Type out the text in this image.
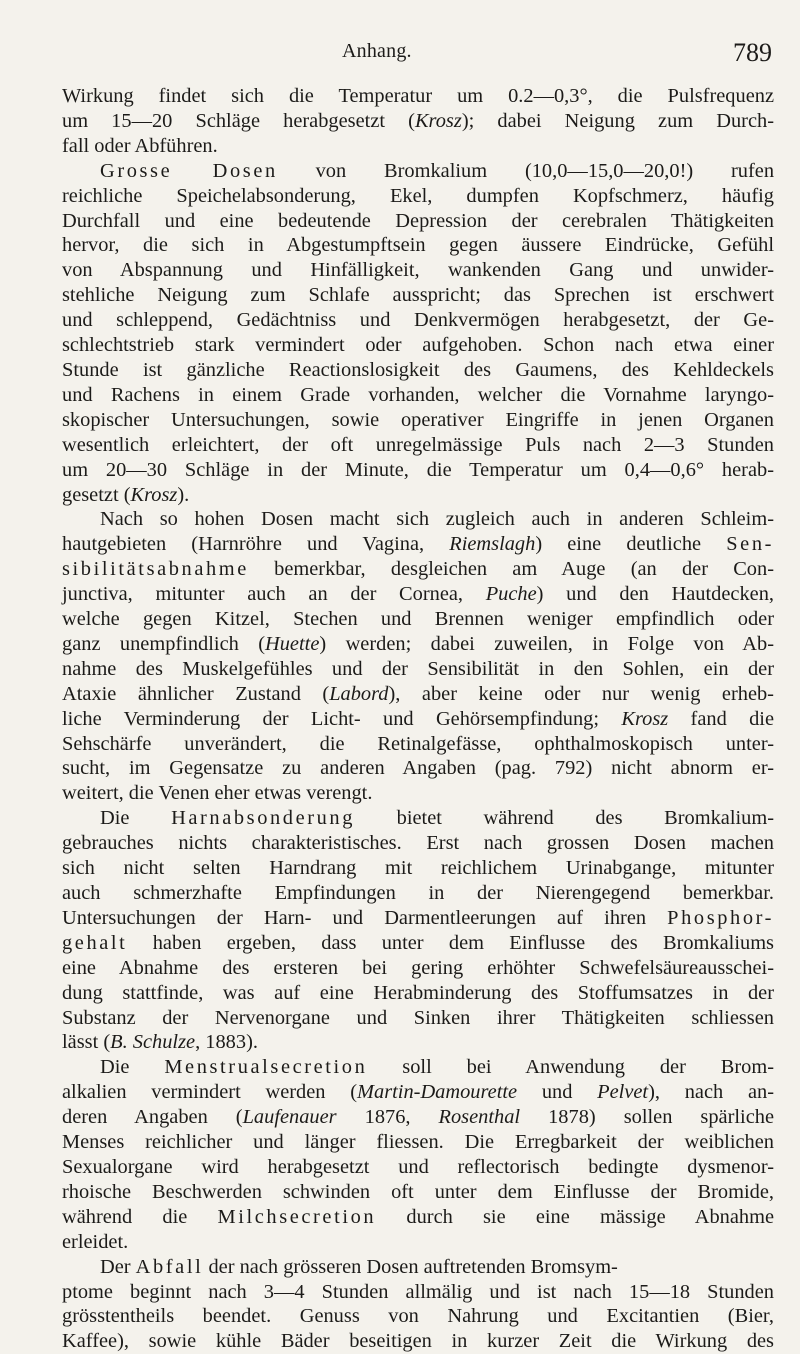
Anhang.	789
Wirkung findet sich die Temperatur um 0.2—0,3°, die Pulsfrequenz
um 15—20 Schläge herabgesetzt (Krosz); dabei Neigung zum Durch-
fall oder Abführen.
Grosse Dosen von Bromkalium (10,0—15,0—20,0!) rufen
reichliche Speichelabsonderung, Ekel, dumpfen Kopfschmerz, häufig
Durchfall und eine bedeutende Depression der cerebralen Thätigkeiten
hervor, die sich in Abgestumpftsein gegen äussere Eindrücke, Gefühl
von Abspannung und Hinfälligkeit, wankenden Gang und unwider-
stehliche Neigung zum Schlafe ausspricht; das Sprechen ist erschwert
und schleppend, Gedächtniss und Denkvermögen herabgesetzt, der Ge-
schlechtstrieb stark vermindert oder aufgehoben. Schon nach etwa einer
Stunde ist gänzliche Reactionslosigkeit des Gaumens, des Kehldeckels
und Rachens in einem Grade vorhanden, welcher die Vornahme laryngo-
skopischer Untersuchungen, sowie operativer Eingriffe in jenen Organen
wesentlich erleichtert, der oft unregelmässige Puls nach 2—3 Stunden
um 20—30 Schläge in der Minute, die Temperatur um 0,4—0,6° herab-
gesetzt (Krosz).
Nach so hohen Dosen macht sich zugleich auch in anderen Schleim-
hautgebieten (Harnröhre und Vagina, Riemslagh) eine deutliche Sen-
sibilitätsabnahme bemerkbar, desgleichen am Auge (an der Con-
junctiva, mitunter auch an der Cornea, Puche) und den Hautdecken,
welche gegen Kitzel, Stechen und Brennen weniger empfindlich oder
ganz unempfindlich (Huette) werden; dabei zuweilen, in Folge von Ab-
nahme des Muskelgefühles und der Sensibilität in den Sohlen, ein der
Ataxie ähnlicher Zustand (Labord), aber keine oder nur wenig erheb-
liche Verminderung der Licht- und Gehörsempfindung; Krosz fand die
Sehschärfe unverändert, die Retinalgefässe, ophthalmoskopisch unter-
sucht, im Gegensatze zu anderen Angaben (pag. 792) nicht abnorm er-
weitert, die Venen eher etwas verengt.
Die Harnabsonderung bietet während des Bromkalium-
gebrauches nichts charakteristisches. Erst nach grossen Dosen machen
sich nicht selten Harndrang mit reichlichem Urinabgange, mitunter
auch schmerzhafte Empfindungen in der Nierengegend bemerkbar.
Untersuchungen der Harn- und Darmentleerungen auf ihren Phosphor-
gehalt haben ergeben, dass unter dem Einflusse des Bromkaliums
eine Abnahme des ersteren bei gering erhöhter Schwefelsäureausschei-
dung stattfinde, was auf eine Herabminderung des Stoffumsatzes in der
Substanz der Nervenorgane und Sinken ihrer Thätigkeiten schliessen
lässt (B. Schulze, 1883).
Die Menstrualsecretion soll bei Anwendung der Brom-
alkalien vermindert werden (Martin-Damourette und Pelvet), nach an-
deren Angaben (Laufenauer 1876, Rosenthal 1878) sollen spärliche
Menses reichlicher und länger fliessen. Die Erregbarkeit der weiblichen
Sexualorgane wird herabgesetzt und reflectorisch bedingte dysmenor-
rhoische Beschwerden schwinden oft unter dem Einflusse der Bromide,
während die Milchsecretion durch sie eine mässige Abnahme
erleidet.
Der Abfall der nach grösseren Dosen auftretenden Bromsym-
ptome beginnt nach 3—4 Stunden allmälig und ist nach 15—18 Stunden
grösstentheils beendet. Genuss von Nahrung und Excitantien (Bier,
Kaffee), sowie kühle Bäder beseitigen in kurzer Zeit die Wirkung des
